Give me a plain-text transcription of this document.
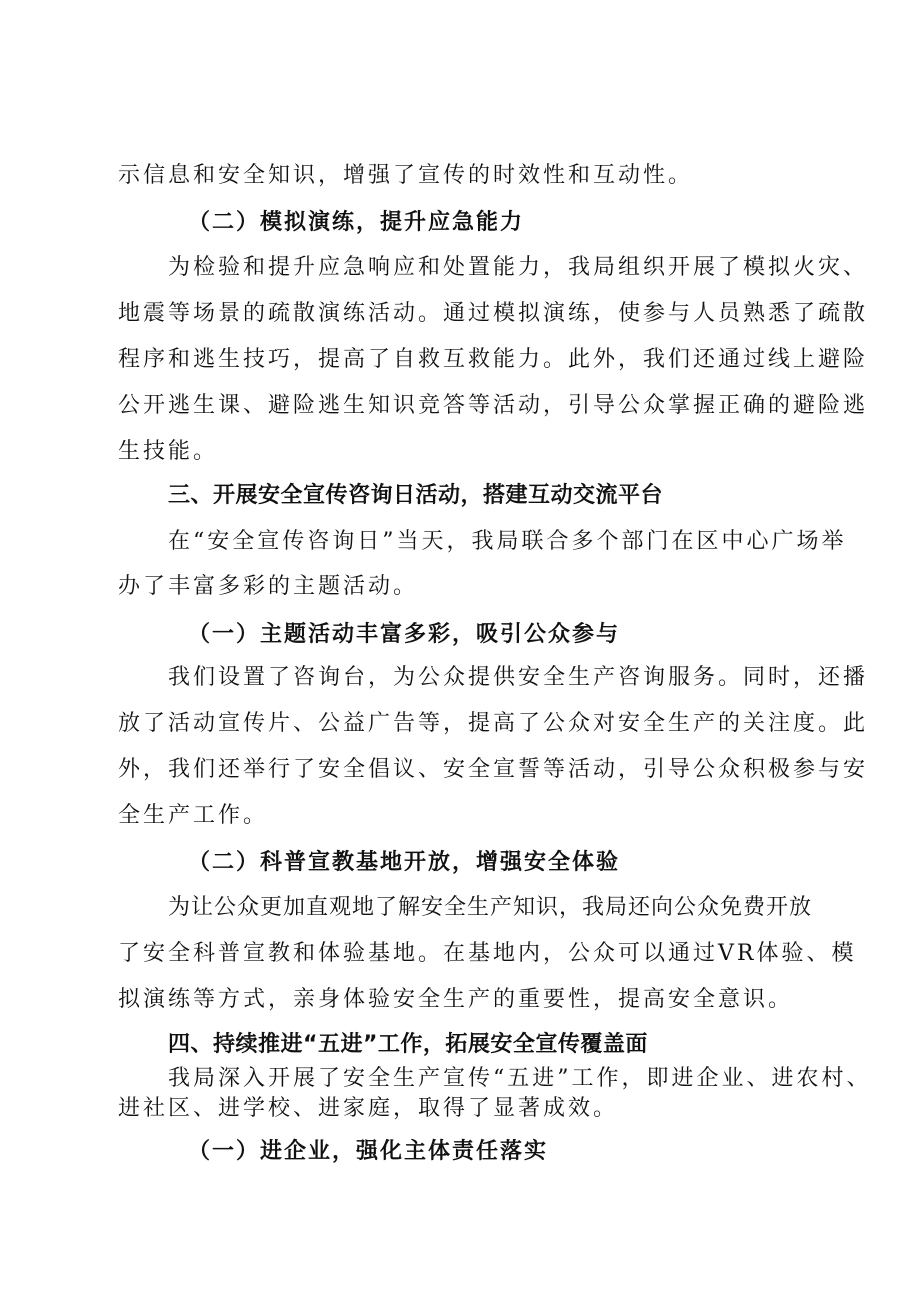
示信息和安全知识，增强了宣传的时效性和互动性。

（二）模拟演练，提升应急能力

为检验和提升应急响应和处置能力，我局组织开展了模拟火灾、

地震等场景的疏散演练活动。通过模拟演练，使参与人员熟悉了疏散

程序和逃生技巧，提高了自救互救能力。此外，我们还通过线上避险

公开逃生课、避险逃生知识竞答等活动，引导公众掌握正确的避险逃

生技能。

三、开展安全宣传咨询日活动，搭建互动交流平台

在“安全宣传咨询日”当天，我局联合多个部门在区中心广场举

办了丰富多彩的主题活动。

（一）主题活动丰富多彩，吸引公众参与

我们设置了咨询台，为公众提供安全生产咨询服务。同时，还播

放了活动宣传片、公益广告等，提高了公众对安全生产的关注度。此

外，我们还举行了安全倡议、安全宣誓等活动，引导公众积极参与安

全生产工作。

（二）科普宣教基地开放，增强安全体验

为让公众更加直观地了解安全生产知识，我局还向公众免费开放

了安全科普宣教和体验基地。在基地内，公众可以通过VR体验、模

拟演练等方式，亲身体验安全生产的重要性，提高安全意识。

四、持续推进“五进”工作，拓展安全宣传覆盖面

我局深入开展了安全生产宣传“五进”工作，即进企业、进农村、

进社区、进学校、进家庭，取得了显著成效。

（一）进企业，强化主体责任落实
